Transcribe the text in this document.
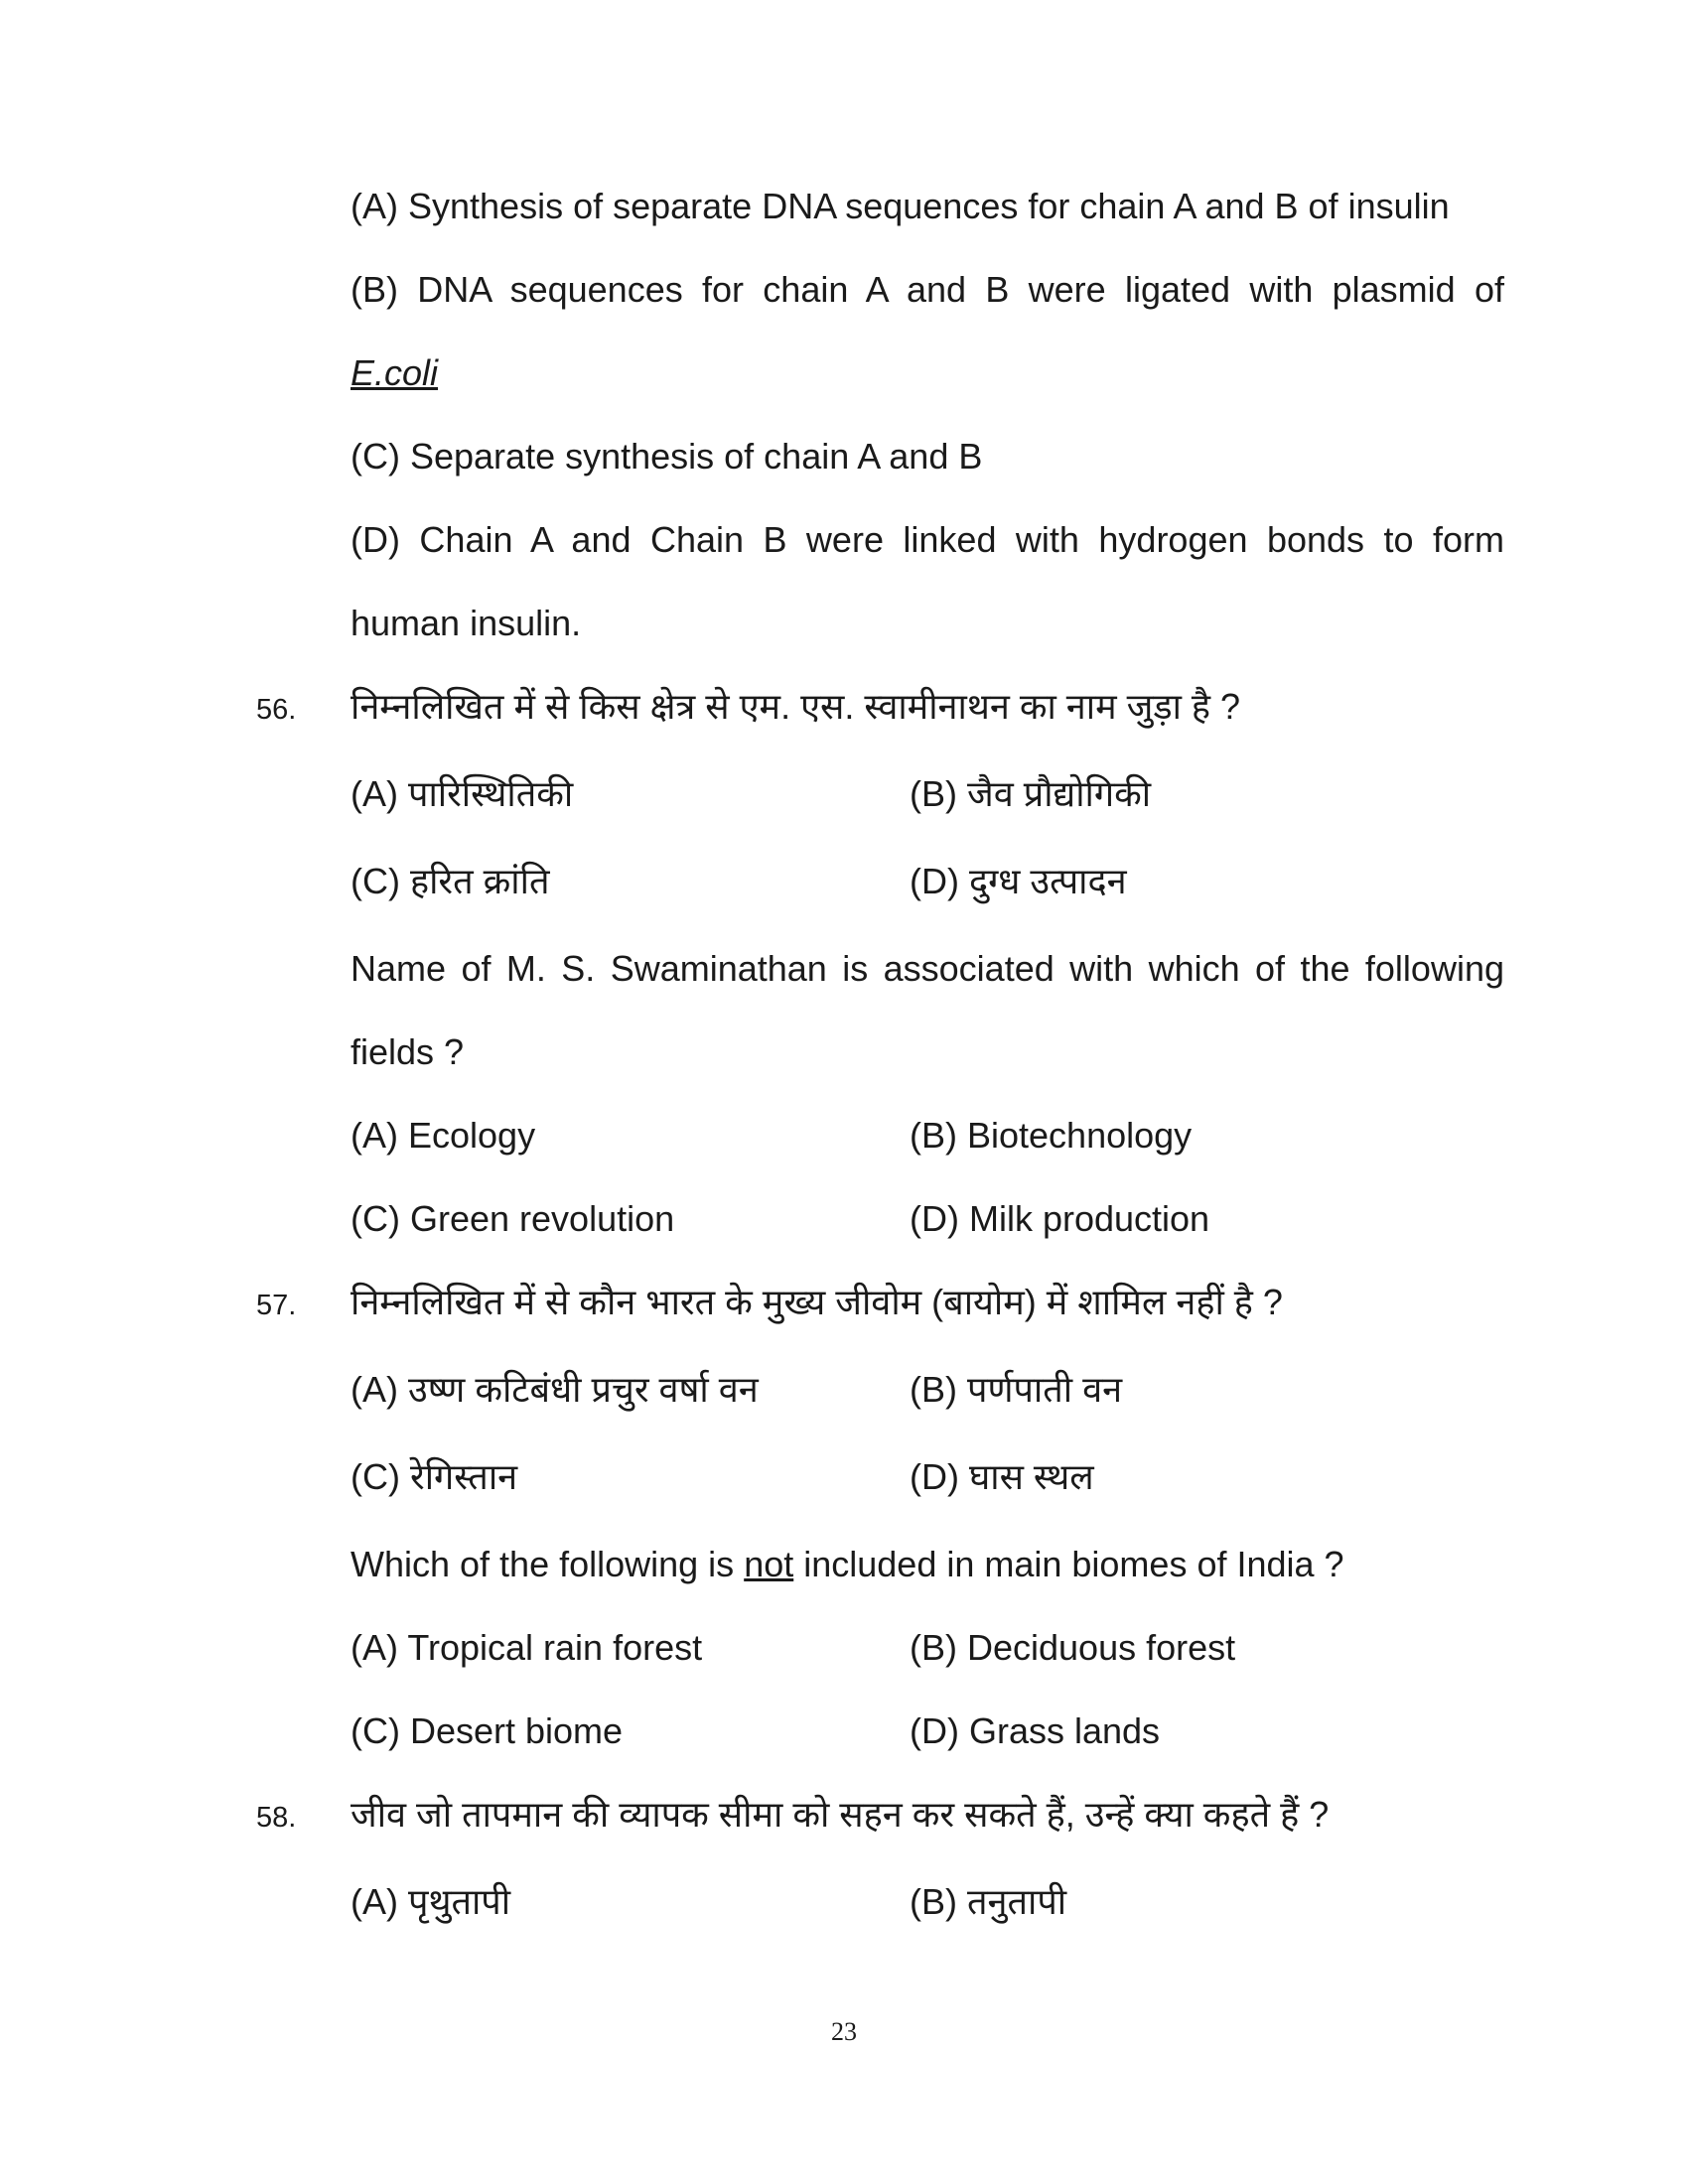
(A) Synthesis of separate DNA sequences for chain A and B of insulin
(B) DNA sequences for chain A and B were ligated with plasmid of
E.coli
(C) Separate synthesis of chain A and B
(D) Chain A and Chain B were linked with hydrogen bonds to form
human insulin.
56. निम्नलिखित में से किस क्षेत्र से एम. एस. स्वामीनाथन का नाम जुड़ा है ?
(A) पारिस्थितिकी	(B) जैव प्रौद्योगिकी
(C) हरित क्रांति	(D) दुग्ध उत्पादन
Name of M. S. Swaminathan is associated with which of the following
fields ?
(A) Ecology	(B) Biotechnology
(C) Green revolution	(D) Milk production
57. निम्नलिखित में से कौन भारत के मुख्य जीवोम (बायोम) में शामिल नहीं है ?
(A) उष्ण कटिबंधी प्रचुर वर्षा वन	(B) पर्णपाती वन
(C) रेगिस्तान	(D) घास स्थल
Which of the following is not included in main biomes of India ?
(A) Tropical rain forest	(B) Deciduous forest
(C) Desert biome	(D) Grass lands
58. जीव जो तापमान की व्यापक सीमा को सहन कर सकते हैं, उन्हें क्या कहते हैं ?
(A) पृथुतापी	(B) तनुतापी
23
